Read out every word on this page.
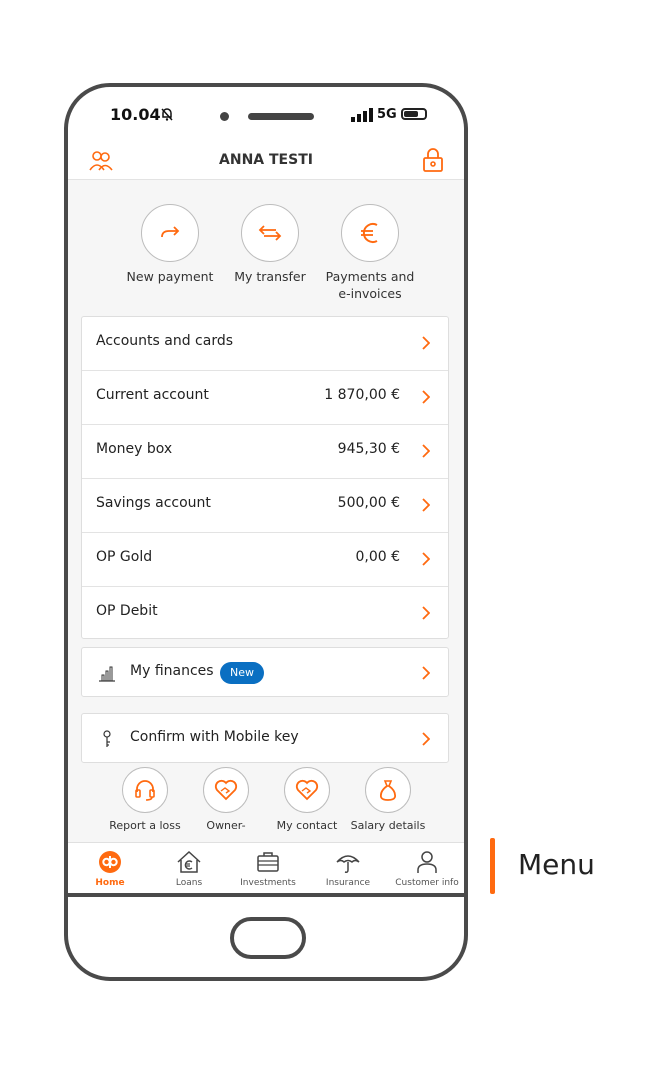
10.04	5G
ANNA TESTI
New payment	My transfer	Payments and e-invoices
Accounts and cards
Current account	1 870,00 €
Money box	945,30 €
Savings account	500,00 €
OP Gold	0,00 €
OP Debit
My finances	New
Confirm with Mobile key
Report a loss	Owner-	My contact	Salary details
Home	Loans	Investments	Insurance	Customer info
Menu
